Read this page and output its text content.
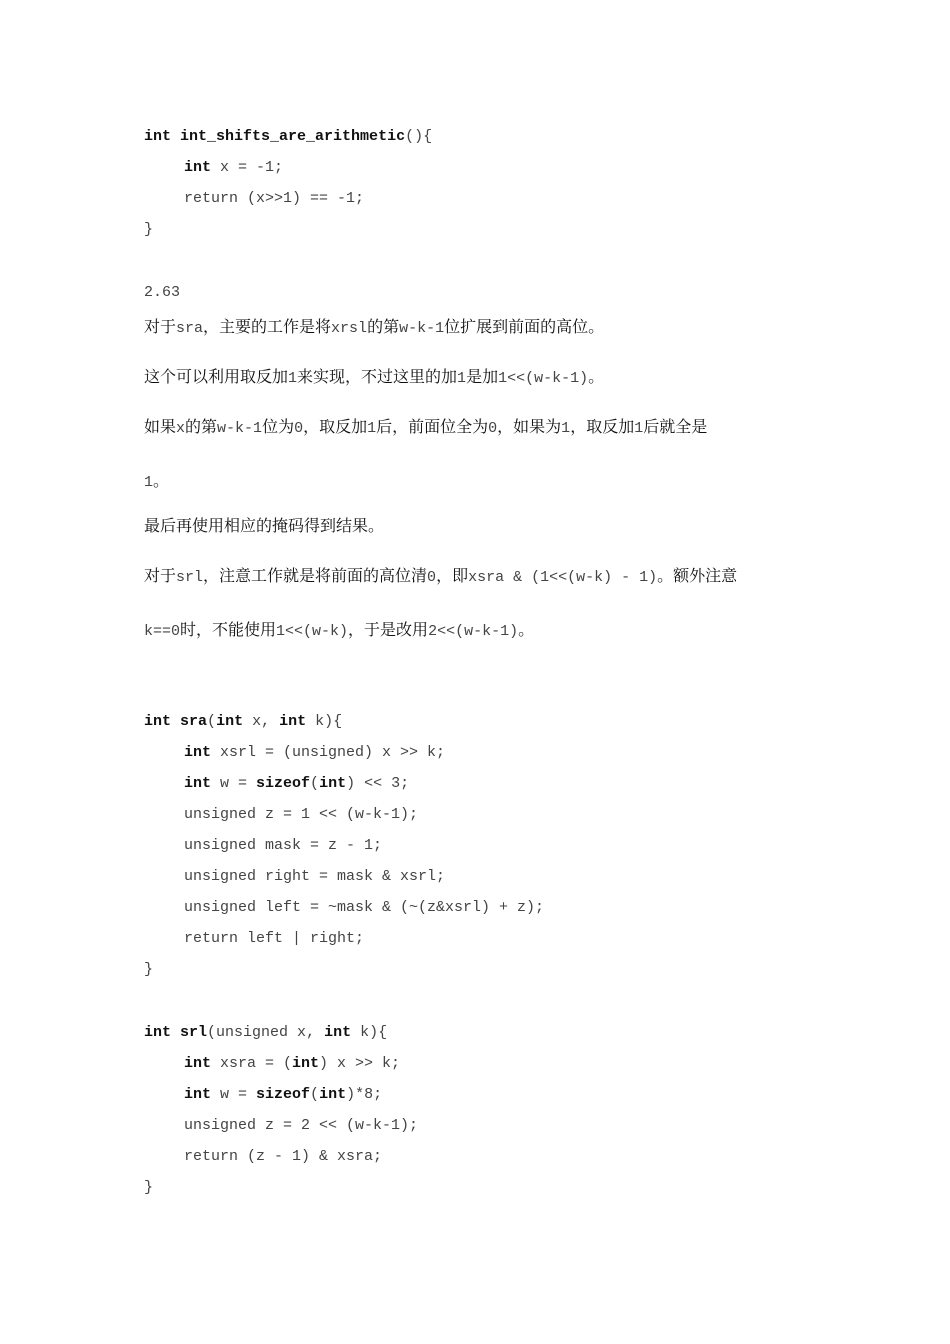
int int_shifts_are_arithmetic(){
int x = -1;
return (x>>1) == -1;
}
2.63
对于sra，主要的工作是将xrsl的第w-k-1位扩展到前面的高位。
这个可以利用取反加1来实现，不过这里的加1是加1<<(w-k-1)。
如果x的第w-k-1位为0，取反加1后，前面位全为0，如果为1，取反加1后就全是
1。
最后再使用相应的掩码得到结果。
对于srl，注意工作就是将前面的高位清0，即xsra & (1<<(w-k) - 1)。额外注意
k==0时，不能使用1<<(w-k)，于是改用2<<(w-k-1)。
int sra(int x, int k){
int xsrl = (unsigned) x >> k;
int w = sizeof(int) << 3;
unsigned z = 1 << (w-k-1);
unsigned mask = z - 1;
unsigned right = mask & xsrl;
unsigned left = ~mask & (~(z&xsrl) + z);
return left | right;
}
int srl(unsigned x, int k){
int xsra = (int) x >> k;
int w = sizeof(int)*8;
unsigned z = 2 << (w-k-1);
return (z - 1) & xsra;
}
